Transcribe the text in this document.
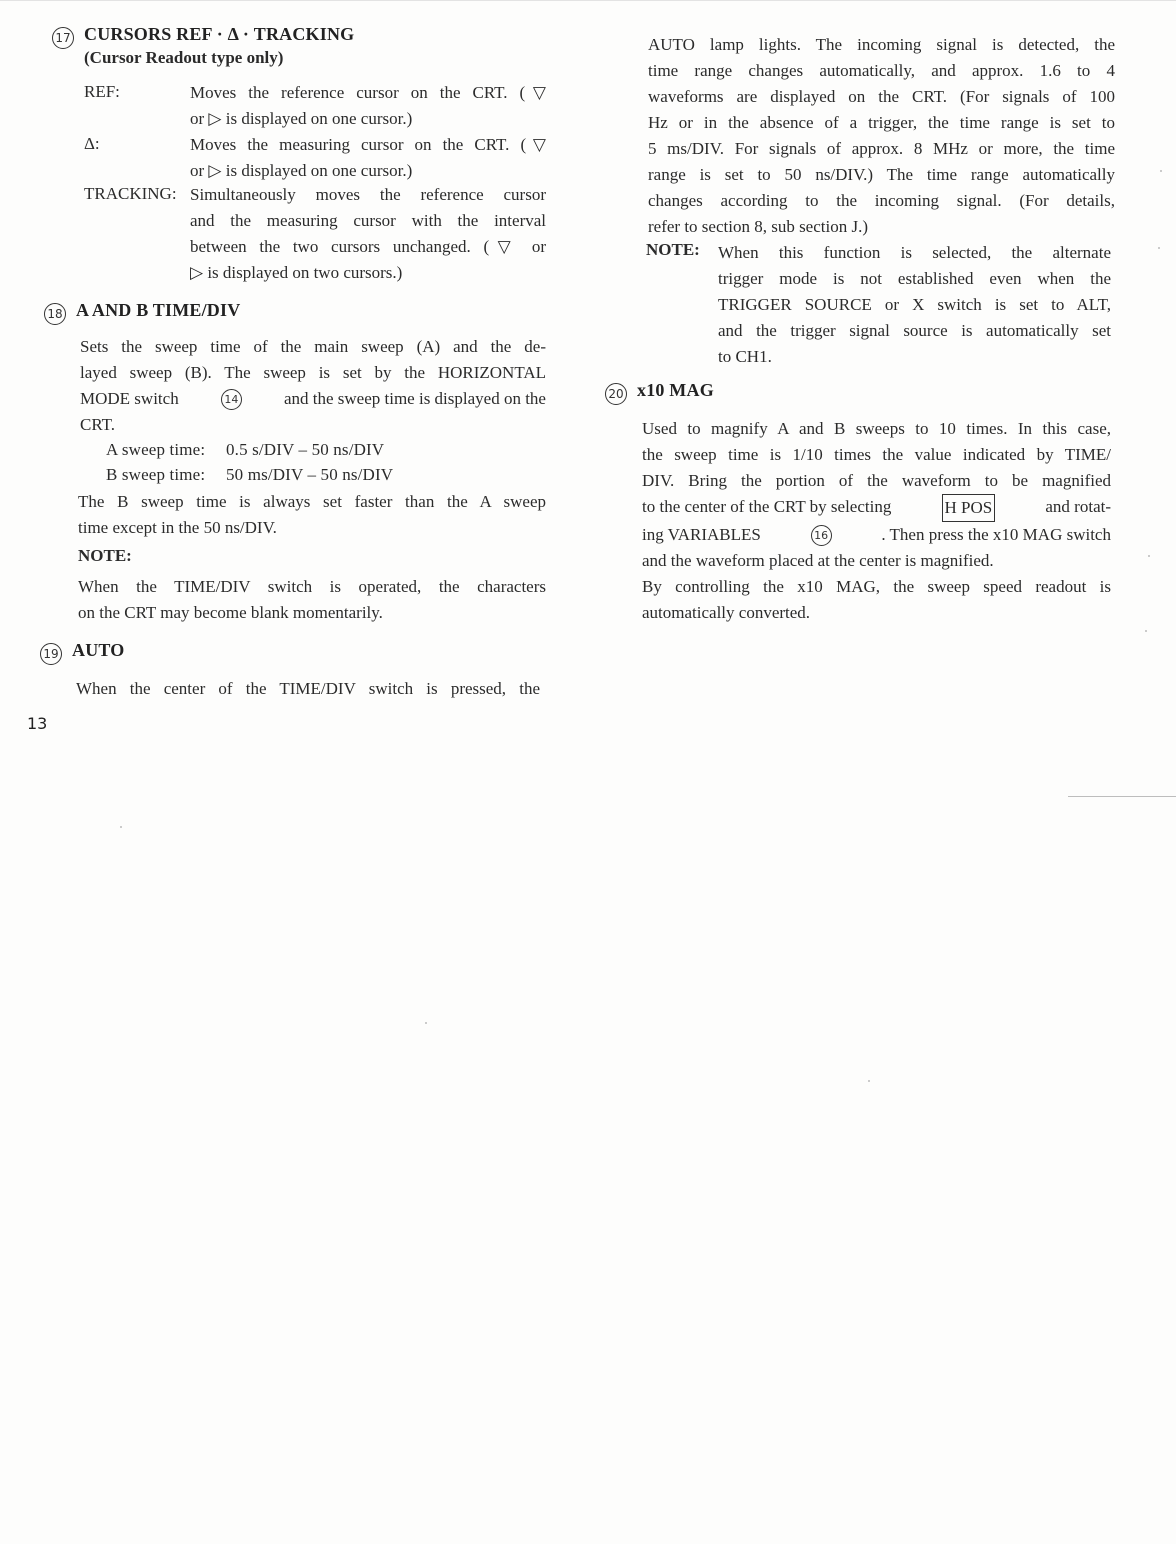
17 CURSORS REF · Δ · TRACKING
(Cursor Readout type only)
REF:	Moves the reference cursor on the CRT. (▽
or ▷ is displayed on one cursor.)
Δ:	Moves the measuring cursor on the CRT. (▽
or ▷ is displayed on one cursor.)
TRACKING: Simultaneously moves the reference cursor
and the measuring cursor with the interval
between the two cursors unchanged. (▽ or
▷ is displayed on two cursors.)
18 A AND B TIME/DIV
Sets the sweep time of the main sweep (A) and the de-
layed sweep (B). The sweep is set by the HORIZONTAL
MODE switch	14	and the sweep time is displayed on the
CRT.
A sweep time: 0.5 s/DIV – 50 ns/DIV
B sweep time: 50 ms/DIV – 50 ns/DIV
The B sweep time is always set faster than the A sweep
time except in the 50 ns/DIV.
NOTE:
When the TIME/DIV switch is operated, the characters
on the CRT may become blank momentarily.
19 AUTO
When the center of the TIME/DIV switch is pressed, the
13
AUTO lamp lights. The incoming signal is detected, the
time range changes automatically, and approx. 1.6 to 4
waveforms are displayed on the CRT. (For signals of 100
Hz or in the absence of a trigger, the time range is set to
5 ms/DIV. For signals of approx. 8 MHz or more, the time
range is set to 50 ns/DIV.) The time range automatically
changes according to the incoming signal. (For details,
refer to section 8, sub section J.)
NOTE: When this function is selected, the alternate
trigger mode is not established even when the
TRIGGER SOURCE or X switch is set to ALT,
and the trigger signal source is automatically set
to CH1.
20 x10 MAG
Used to magnify A and B sweeps to 10 times. In this case,
the sweep time is 1/10 times the value indicated by TIME/
DIV. Bring the portion of the waveform to be magnified
to the center of the CRT by selecting	H POS	and rotat-
ing VARIABLES	16	. Then press the x10 MAG switch
and the waveform placed at the center is magnified.
By controlling the x10 MAG, the sweep speed readout is
automatically converted.
